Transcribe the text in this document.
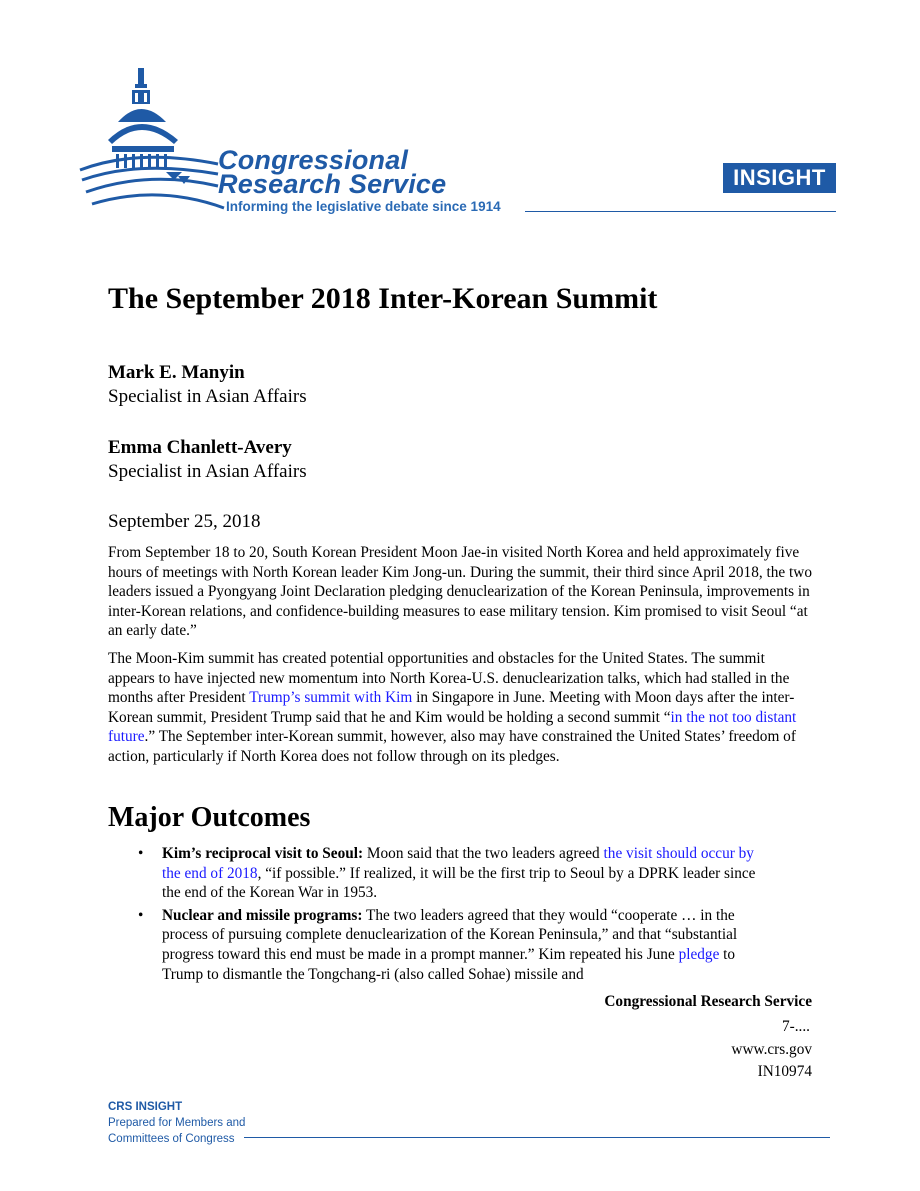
Congressional
Research Service
Informing the legislative debate since 1914
INSIGHT
The September 2018 Inter-Korean Summit
Mark E. Manyin
Specialist in Asian Affairs
Emma Chanlett-Avery
Specialist in Asian Affairs
September 25, 2018

From September 18 to 20, South Korean President Moon Jae-in visited North Korea and held approximately five hours of meetings with North Korean leader Kim Jong-un. During the summit, their third since April 2018, the two leaders issued a Pyongyang Joint Declaration pledging denuclearization of the Korean Peninsula, improvements in inter-Korean relations, and confidence-building measures to ease military tension. Kim promised to visit Seoul “at an early date.”

The Moon-Kim summit has created potential opportunities and obstacles for the United States. The summit appears to have injected new momentum into North Korea-U.S. denuclearization talks, which had stalled in the months after President Trump’s summit with Kim in Singapore in June. Meeting with Moon days after the inter-Korean summit, President Trump said that he and Kim would be holding a second summit “in the not too distant future.” The September inter-Korean summit, however, also may have constrained the United States’ freedom of action, particularly if North Korea does not follow through on its pledges.

Major Outcomes
• Kim’s reciprocal visit to Seoul: Moon said that the two leaders agreed the visit should occur by the end of 2018, “if possible.” If realized, it will be the first trip to Seoul by a DPRK leader since the end of the Korean War in 1953.
• Nuclear and missile programs: The two leaders agreed that they would “cooperate … in the process of pursuing complete denuclearization of the Korean Peninsula,” and that “substantial progress toward this end must be made in a prompt manner.” Kim repeated his June pledge to Trump to dismantle the Tongchang-ri (also called Sohae) missile and
Congressional Research Service
7-....
www.crs.gov
IN10974
CRS INSIGHT
Prepared for Members and
Committees of Congress
